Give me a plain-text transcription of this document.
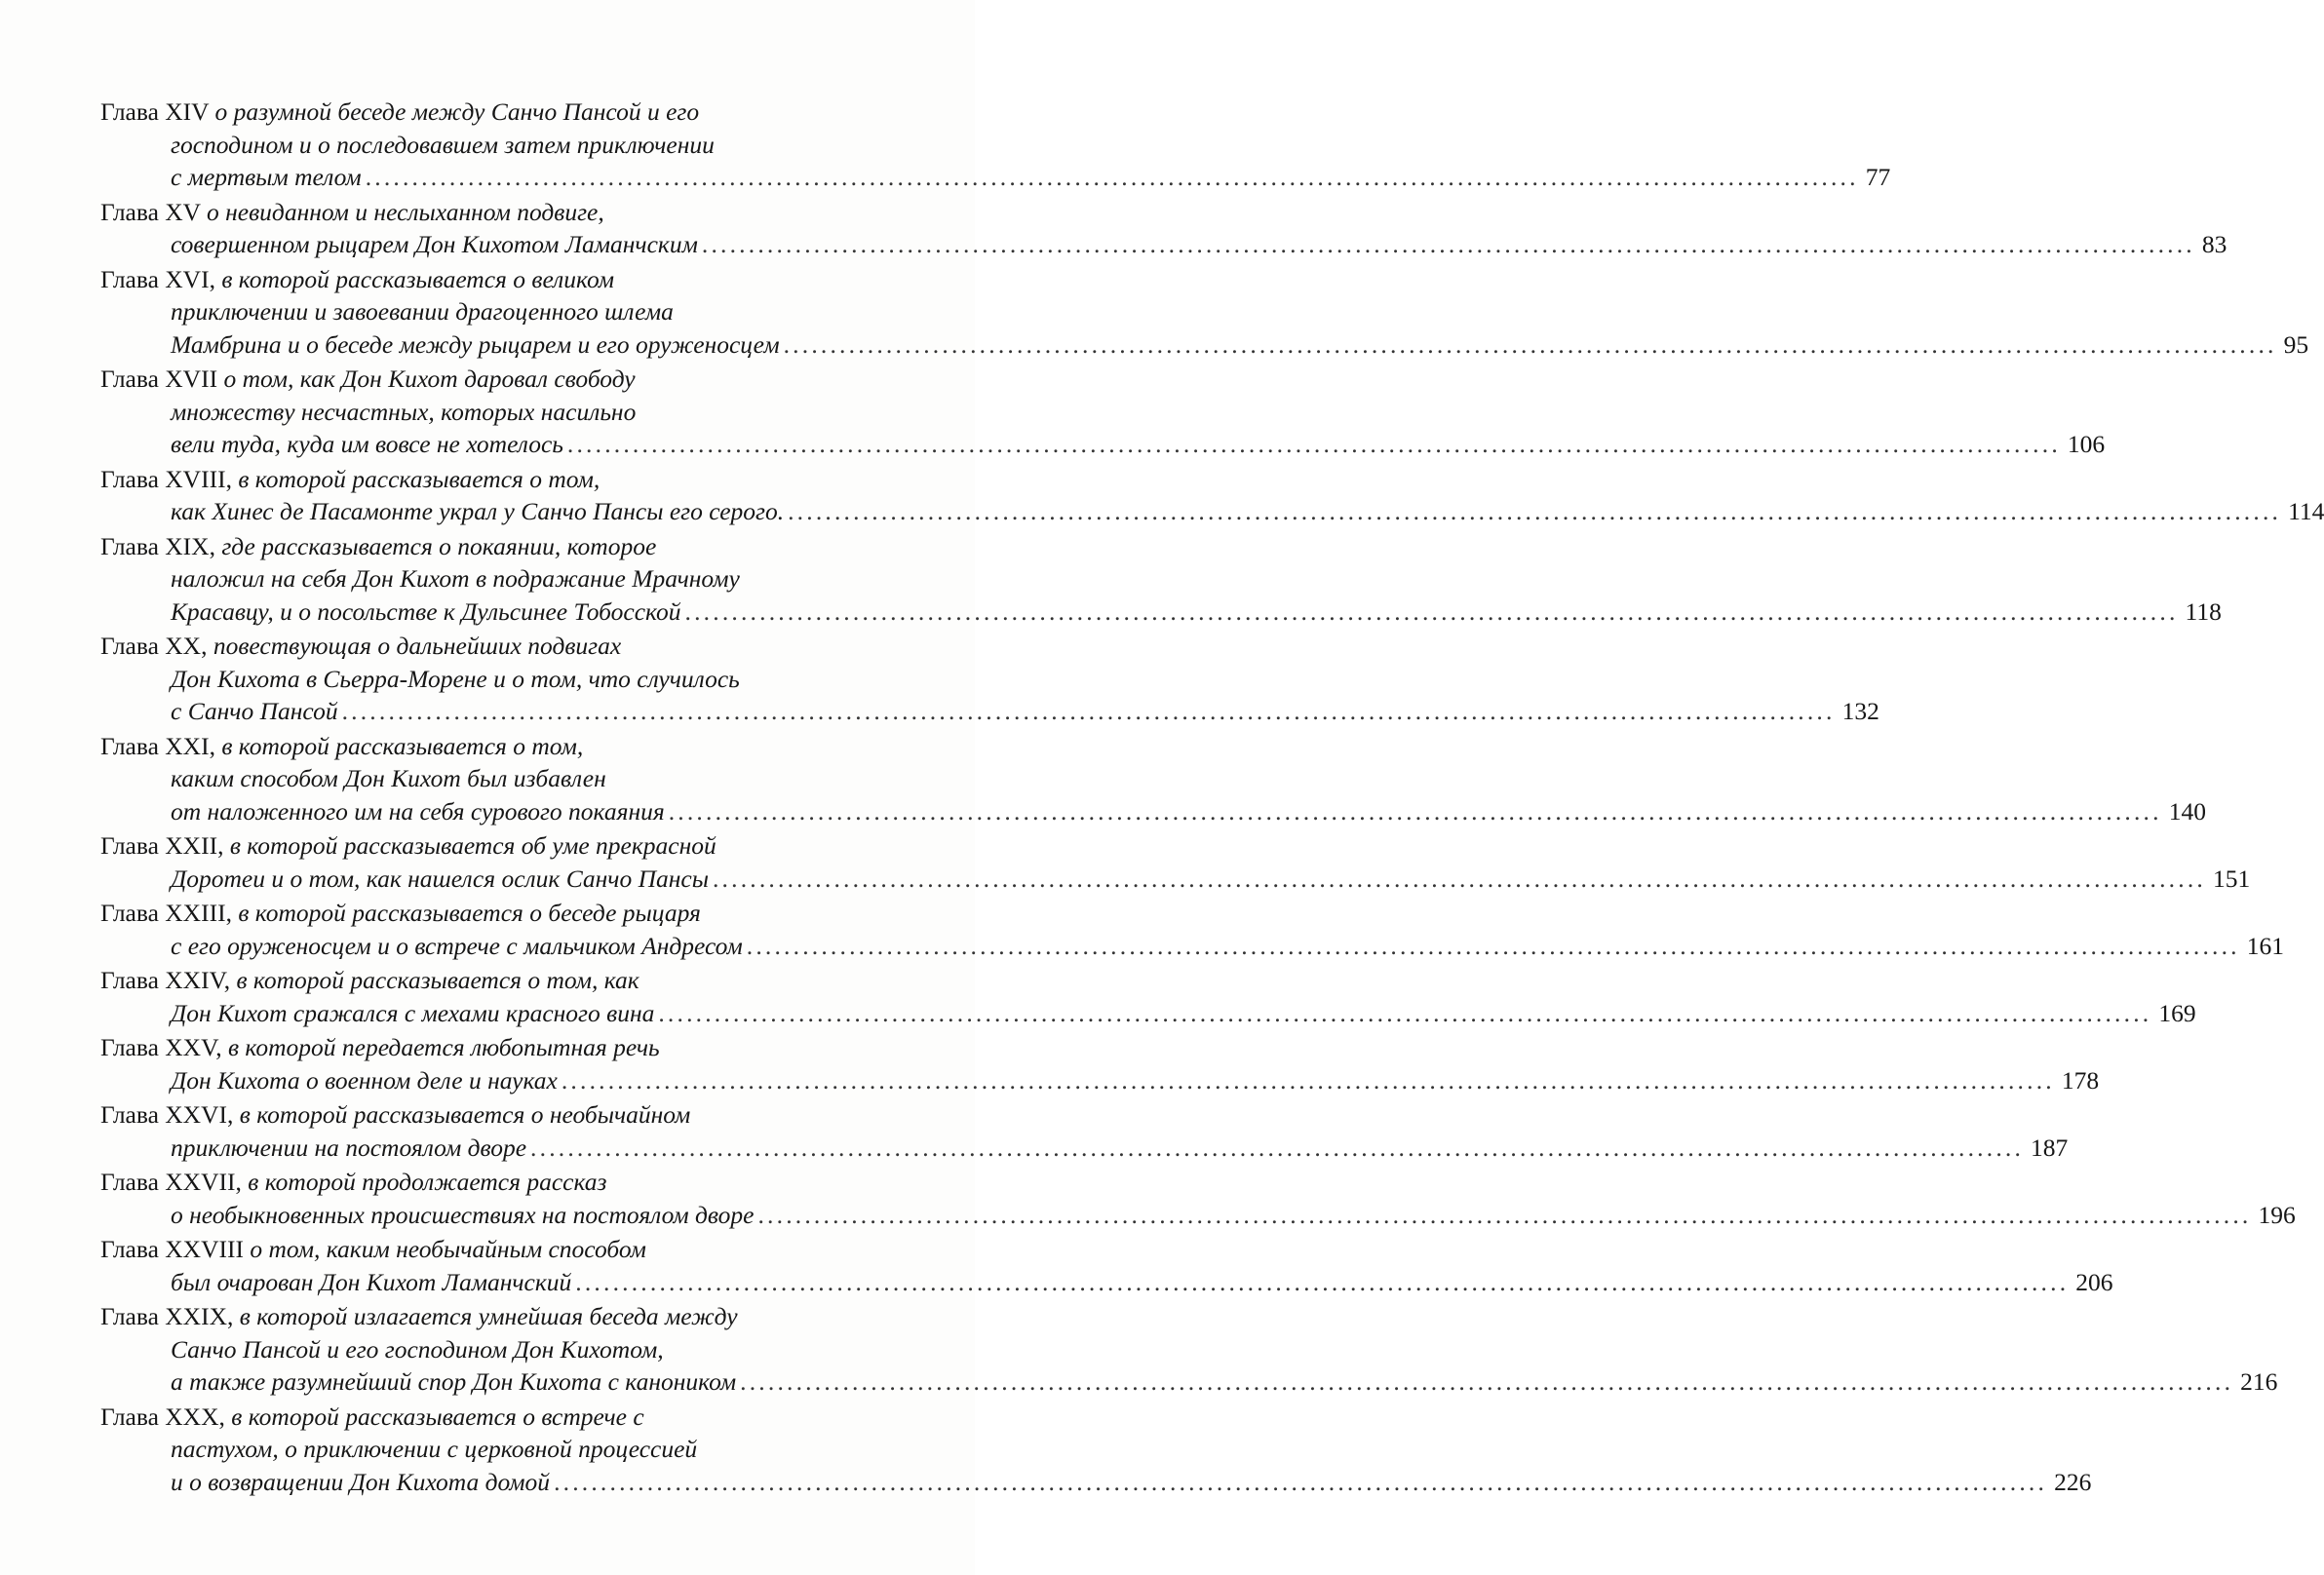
Глава XIV о разумной беседе между Санчо Пансой и его
господином и о последовавшем затем приключении
с мертвым телом ................................................................................................................................................................ 77
Глава XV о невиданном и неслыханном подвиге,
совершенном рыцарем Дон Кихотом Ламанчским ................................................................................................................................................................ 83
Глава XVI, в которой рассказывается о великом
приключении и завоевании драгоценного шлема
Мамбрина и о беседе между рыцарем и его оруженосцем ................................................................................................................................................................ 95
Глава XVII о том, как Дон Кихот даровал свободу
множеству несчастных, которых насильно
вели туда, куда им вовсе не хотелось ................................................................................................................................................................ 106
Глава XVIII, в которой рассказывается о том,
как Хинес де Пасамонте украл у Санчо Пансы его серого. ................................................................................................................................................................ 114
Глава XIX, где рассказывается о покаянии, которое
наложил на себя Дон Кихот в подражание Мрачному
Красавцу, и о посольстве к Дульсинее Тобосской ................................................................................................................................................................ 118
Глава XX, повествующая о дальнейших подвигах
Дон Кихота в Сьерра-Морене и о том, что случилось
с Санчо Пансой ................................................................................................................................................................ 132
Глава XXI, в которой рассказывается о том,
каким способом Дон Кихот был избавлен
от наложенного им на себя сурового покаяния ................................................................................................................................................................ 140
Глава XXII, в которой рассказывается об уме прекрасной
Доротеи и о том, как нашелся ослик Санчо Пансы ................................................................................................................................................................ 151
Глава XXIII, в которой рассказывается о беседе рыцаря
с его оруженосцем и о встрече с мальчиком Андресом ................................................................................................................................................................ 161
Глава XXIV, в которой рассказывается о том, как
Дон Кихот сражался с мехами красного вина ................................................................................................................................................................ 169
Глава XXV, в которой передается любопытная речь
Дон Кихота о военном деле и науках ................................................................................................................................................................ 178
Глава XXVI, в которой рассказывается о необычайном
приключении на постоялом дворе ................................................................................................................................................................ 187
Глава XXVII, в которой продолжается рассказ
о необыкновенных происшествиях на постоялом дворе ................................................................................................................................................................ 196
Глава XXVIII о том, каким необычайным способом
был очарован Дон Кихот Ламанчский ................................................................................................................................................................ 206
Глава XXIX, в которой излагается умнейшая беседа между
Санчо Пансой и его господином Дон Кихотом,
а также разумнейший спор Дон Кихота с каноником ................................................................................................................................................................ 216
Глава XXX, в которой рассказывается о встрече с
пастухом, о приключении с церковной процессией
и о возвращении Дон Кихота домой ................................................................................................................................................................ 226
